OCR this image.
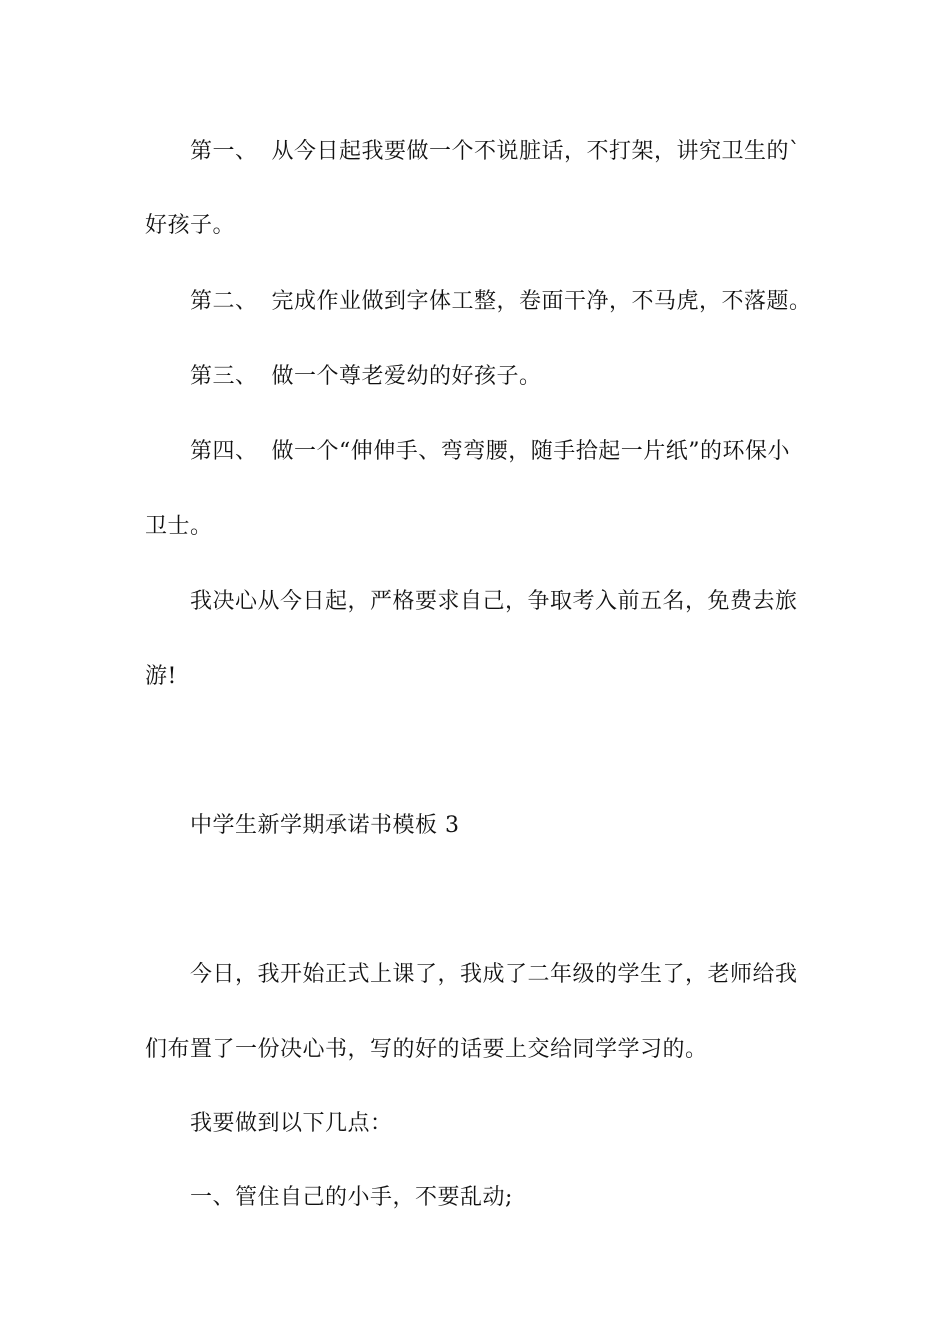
第一、 从今日起我要做一个不说脏话，不打架，讲究卫生的`
好孩子。
第二、 完成作业做到字体工整，卷面干净，不马虎，不落题。
第三、 做一个尊老爱幼的好孩子。
第四、 做一个“伸伸手、弯弯腰，随手拾起一片纸”的环保小
卫士。
我决心从今日起，严格要求自己，争取考入前五名，免费去旅
游!
中学生新学期承诺书模板 3
今日，我开始正式上课了，我成了二年级的学生了，老师给我
们布置了一份决心书，写的好的话要上交给同学学习的。
我要做到以下几点：
一、管住自己的小手，不要乱动;
